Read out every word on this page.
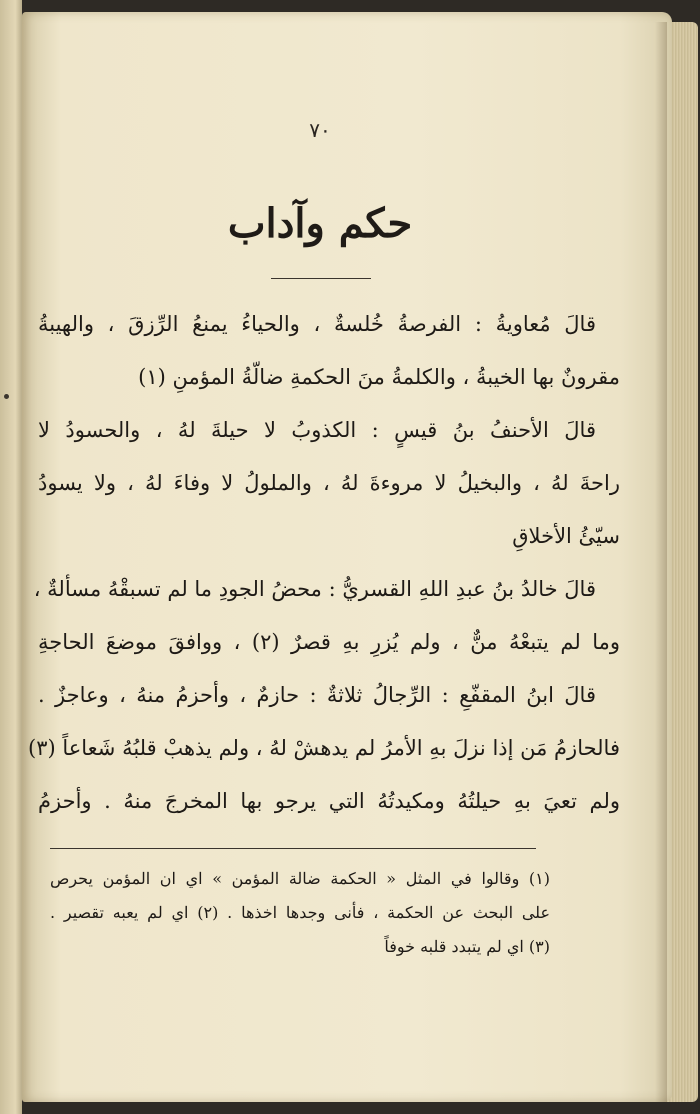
٧٠
حكم وآداب
قالَ مُعاويةُ : الفرصةُ خُلسةٌ ، والحياءُ يمنعُ الرِّزقَ ، والهيبةُ
مقرونٌ بها الخيبةُ ، والكلمةُ منَ الحكمةِ ضالّةُ المؤمنِ (١)
قالَ الأحنفُ بنُ قيسٍ : الكذوبُ لا حيلةَ لهُ ، والحسودُ لا
راحةَ لهُ ، والبخيلُ لا مروءةَ لهُ ، والملولُ لا وفاءَ لهُ ، ولا يسودُ
سيّئُ الأخلاقِ
قالَ خالدُ بنُ عبدِ اللهِ القسريُّ : محضُ الجودِ ما لم تسبقْهُ مسألةٌ ،
وما لم يتبعْهُ منٌّ ، ولم يُزرِ بهِ قصرٌ (٢) ، ووافقَ موضعَ الحاجةِ
قالَ ابنُ المقفّعِ : الرِّجالُ ثلاثةٌ : حازمٌ ، وأحزمُ منهُ ، وعاجزٌ .
فالحازمُ مَن إذا نزلَ بهِ الأمرُ لم يدهشْ لهُ ، ولم يذهبْ قلبُهُ شَعاعاً (٣)
ولم تعيَ بهِ حيلتُهُ ومكيدتُهُ التي يرجو بها المخرجَ منهُ . وأحزمُ
(١) وقالوا في المثل « الحكمة ضالة المؤمن » اي ان المؤمن يحرص
على البحث عن الحكمة ، فأنى وجدها اخذها . (٢) اي لم يعبه تقصير .
(٣) اي لم يتبدد قلبه خوفاً
